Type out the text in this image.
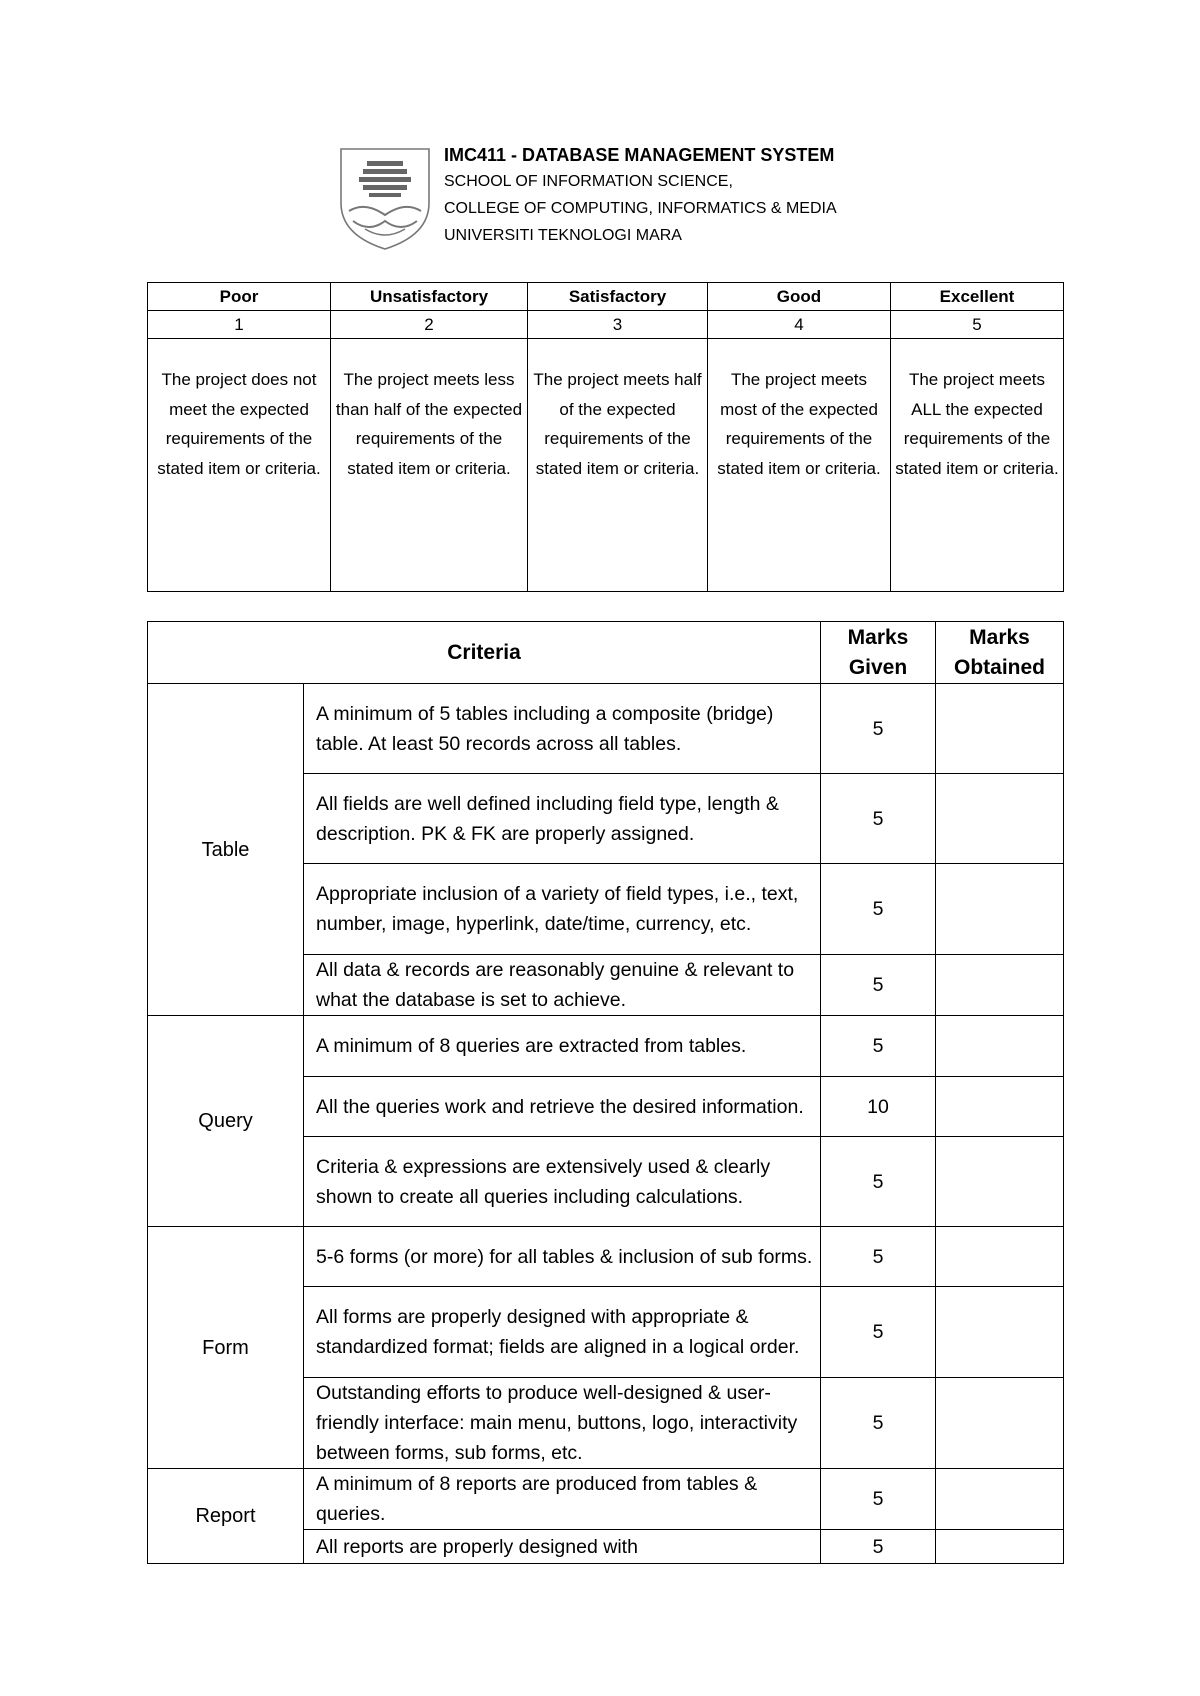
IMC411 - DATABASE MANAGEMENT SYSTEM
SCHOOL OF INFORMATION SCIENCE,
COLLEGE OF COMPUTING, INFORMATICS & MEDIA
UNIVERSITI TEKNOLOGI MARA
Poor	Unsatisfactory	Satisfactory	Good	Excellent
1	2	3	4	5
The project does not meet the expected requirements of the stated item or criteria.	The project meets less than half of the expected requirements of the stated item or criteria.	The project meets half of the expected requirements of the stated item or criteria.	The project meets most of the expected requirements of the stated item or criteria.	The project meets ALL the expected requirements of the stated item or criteria.
Criteria		Marks Given	Marks Obtained
Table	A minimum of 5 tables including a composite (bridge) table. At least 50 records across all tables.	5	
	All fields are well defined including field type, length & description. PK & FK are properly assigned.	5	
	Appropriate inclusion of a variety of field types, i.e., text, number, image, hyperlink, date/time, currency, etc.	5	
	All data & records are reasonably genuine & relevant to what the database is set to achieve.	5	
Query	A minimum of 8 queries are extracted from tables.	5	
	All the queries work and retrieve the desired information.	10	
	Criteria & expressions are extensively used & clearly shown to create all queries including calculations.	5	
Form	5-6 forms (or more) for all tables & inclusion of sub forms.	5	
	All forms are properly designed with appropriate & standardized format; fields are aligned in a logical order.	5	
	Outstanding efforts to produce well-designed & user-friendly interface: main menu, buttons, logo, interactivity between forms, sub forms, etc.	5	
Report	A minimum of 8 reports are produced from tables & queries.	5	
	All reports are properly designed with	5	
